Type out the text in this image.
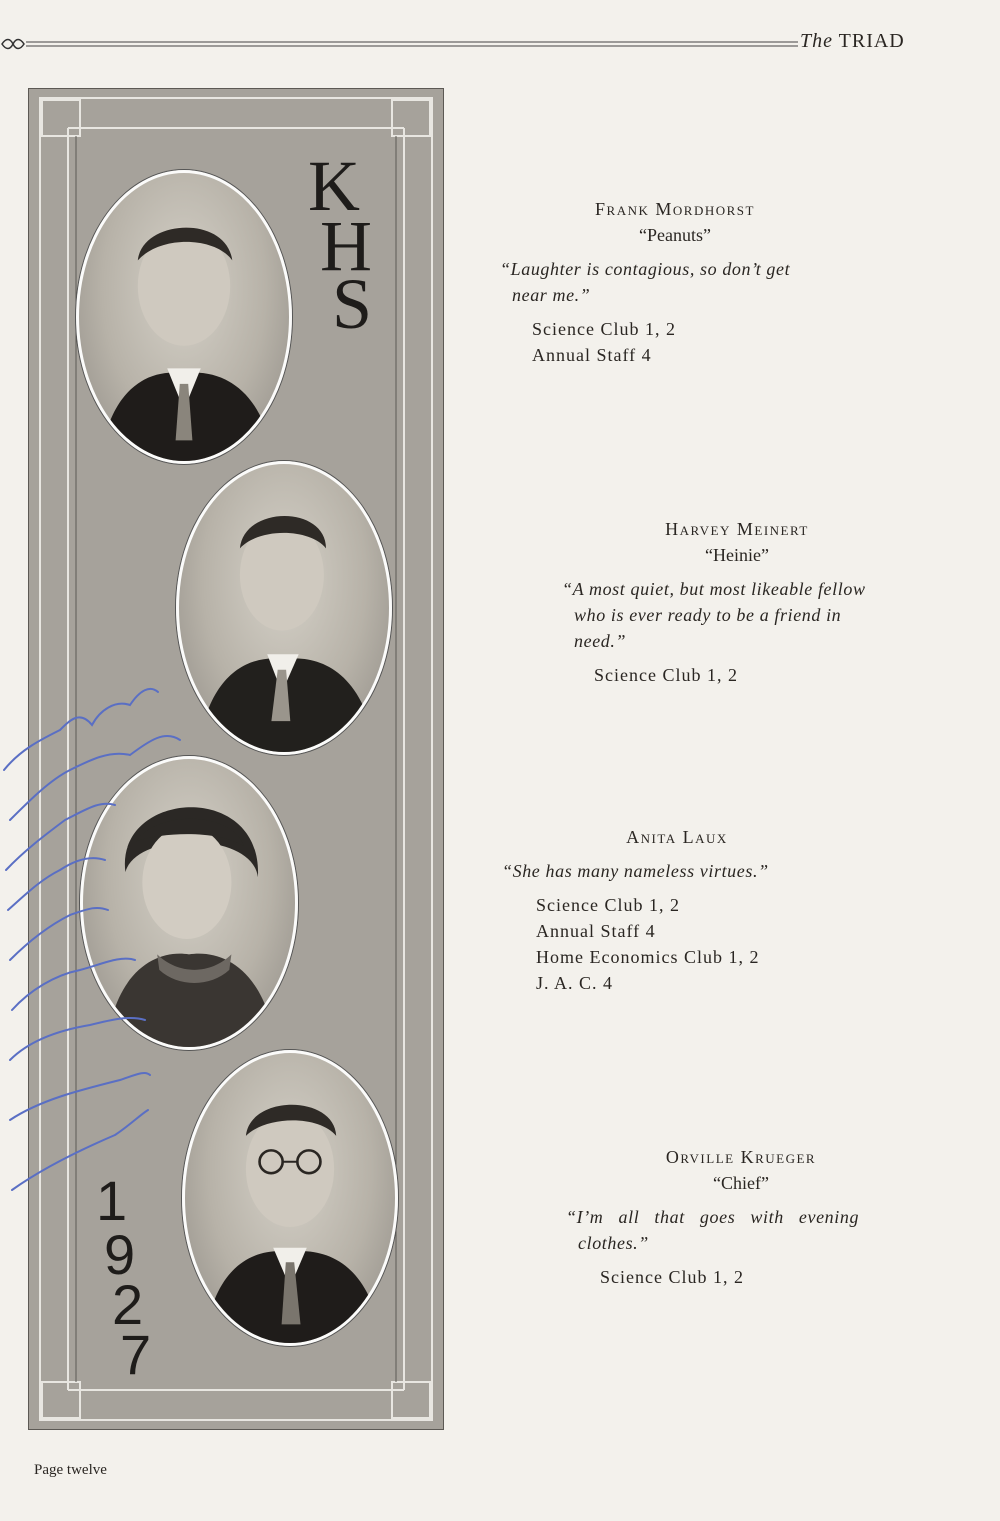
The TRIAD
K
H
S
1
9
2
7
Frank Mordhorst
“Peanuts”
“Laughter is contagious, so don’t get
near me.”
Science Club 1, 2
Annual Staff 4
Harvey Meinert
“Heinie”
“A most quiet, but most likeable fellow
who is ever ready to be a friend in
need.”
Science Club 1, 2
Anita Laux
“She has many nameless virtues.”
Science Club 1, 2
Annual Staff 4
Home Economics Club 1, 2
J. A. C. 4
Orville Krueger
“Chief”
“I’m all that goes with evening
clothes.”
Science Club 1, 2
Page twelve
